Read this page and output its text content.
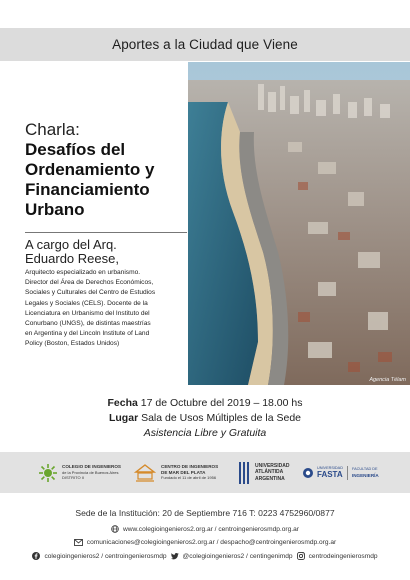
Aportes a la Ciudad que Viene
Agencia Télam
Charla:
Desafíos del
Ordenamiento y
Financiamiento
Urbano
A cargo del Arq.
Eduardo Reese,
Arquitecto especializado en urbanismo.
Director del Área de Derechos Económicos,
Sociales y Culturales del Centro de Estudios
Legales y Sociales (CELS). Docente de la
Licenciatura en Urbanismo del Instituto del
Conurbano (UNGS), de distintas maestrías
en Argentina y del Lincoln Institute of Land
Policy (Boston, Estados Unidos)
Fecha 17 de Octubre del 2019 – 18.00 hs
Lugar Sala de Usos Múltiples de la Sede
Asistencia Libre y Gratuita
COLEGIO DE INGENIEROS
de la Provincia de Buenos Aires
DISTRITO II
CENTRO DE INGENIEROS
DE MAR DEL PLATA
Fundado el 11 de abril de 1956
UNIVERSIDAD
ATLÁNTIDA
ARGENTINA
UNIVERSIDAD
FASTA
FACULTAD DE
INGENIERÍA
Sede de la Institución: 20 de Septiembre 716 T: 0223 4752960/0877
www.colegioingenieros2.org.ar / centroingenierosmdp.org.ar
comunicaciones@colegioingenieros2.org.ar / despacho@centroingenierosmdp.org.ar
colegioingenieros2 / centroingenierosmdp @colegioingenieros2 / centingenimdp centrodeingenierosmdp
